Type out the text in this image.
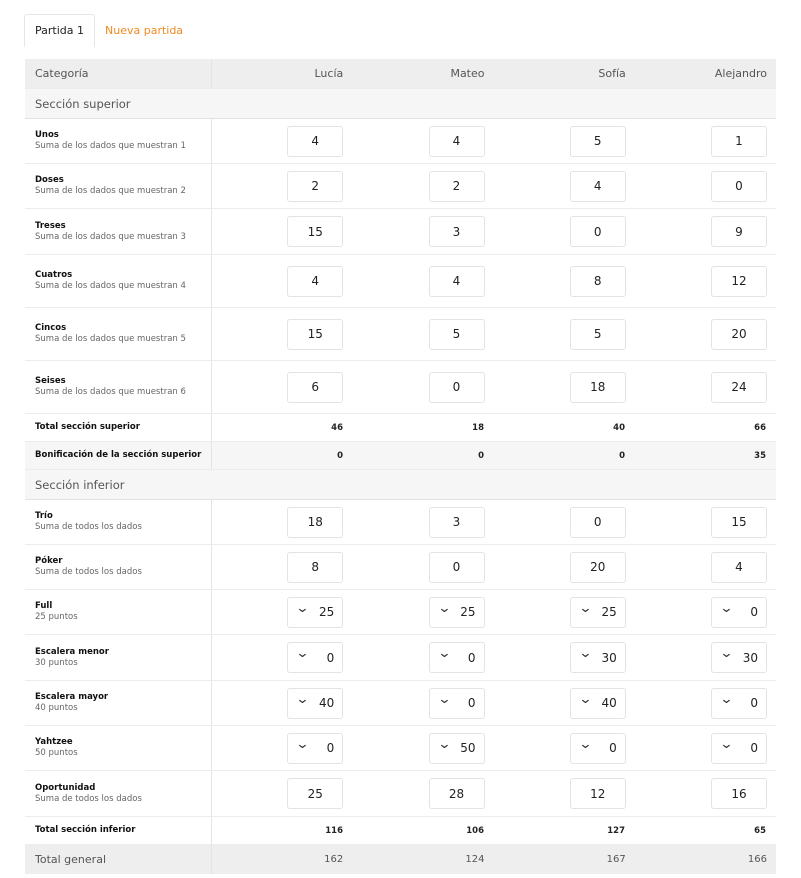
Partida 1	Nueva partida
Categoría	Lucía	Mateo	Sofía	Alejandro
Sección superior
Unos
Suma de los dados que muestran 1	4	4	5	1
Doses
Suma de los dados que muestran 2	2	2	4	0
Treses
Suma de los dados que muestran 3	15	3	0	9
Cuatros
Suma de los dados que muestran 4	4	4	8	12
Cincos
Suma de los dados que muestran 5	15	5	5	20
Seises
Suma de los dados que muestran 6	6	0	18	24
Total sección superior	46	18	40	66
Bonificación de la sección superior	0	0	0	35
Sección inferior
Trío
Suma de todos los dados	18	3	0	15
Póker
Suma de todos los dados	8	0	20	4
Full
25 puntos
⌄ 25	⌄ 25	⌄ 25	⌄ 0
Escalera menor
30 puntos
⌄ 0	⌄ 0	⌄ 30	⌄ 30
Escalera mayor
40 puntos
⌄ 40	⌄ 0	⌄ 40	⌄ 0
Yahtzee
50 puntos
⌄ 0	⌄ 50	⌄ 0	⌄ 0
Oportunidad
Suma de todos los dados	25	28	12	16
Total sección inferior	116	106	127	65
Total general	162	124	167	166
